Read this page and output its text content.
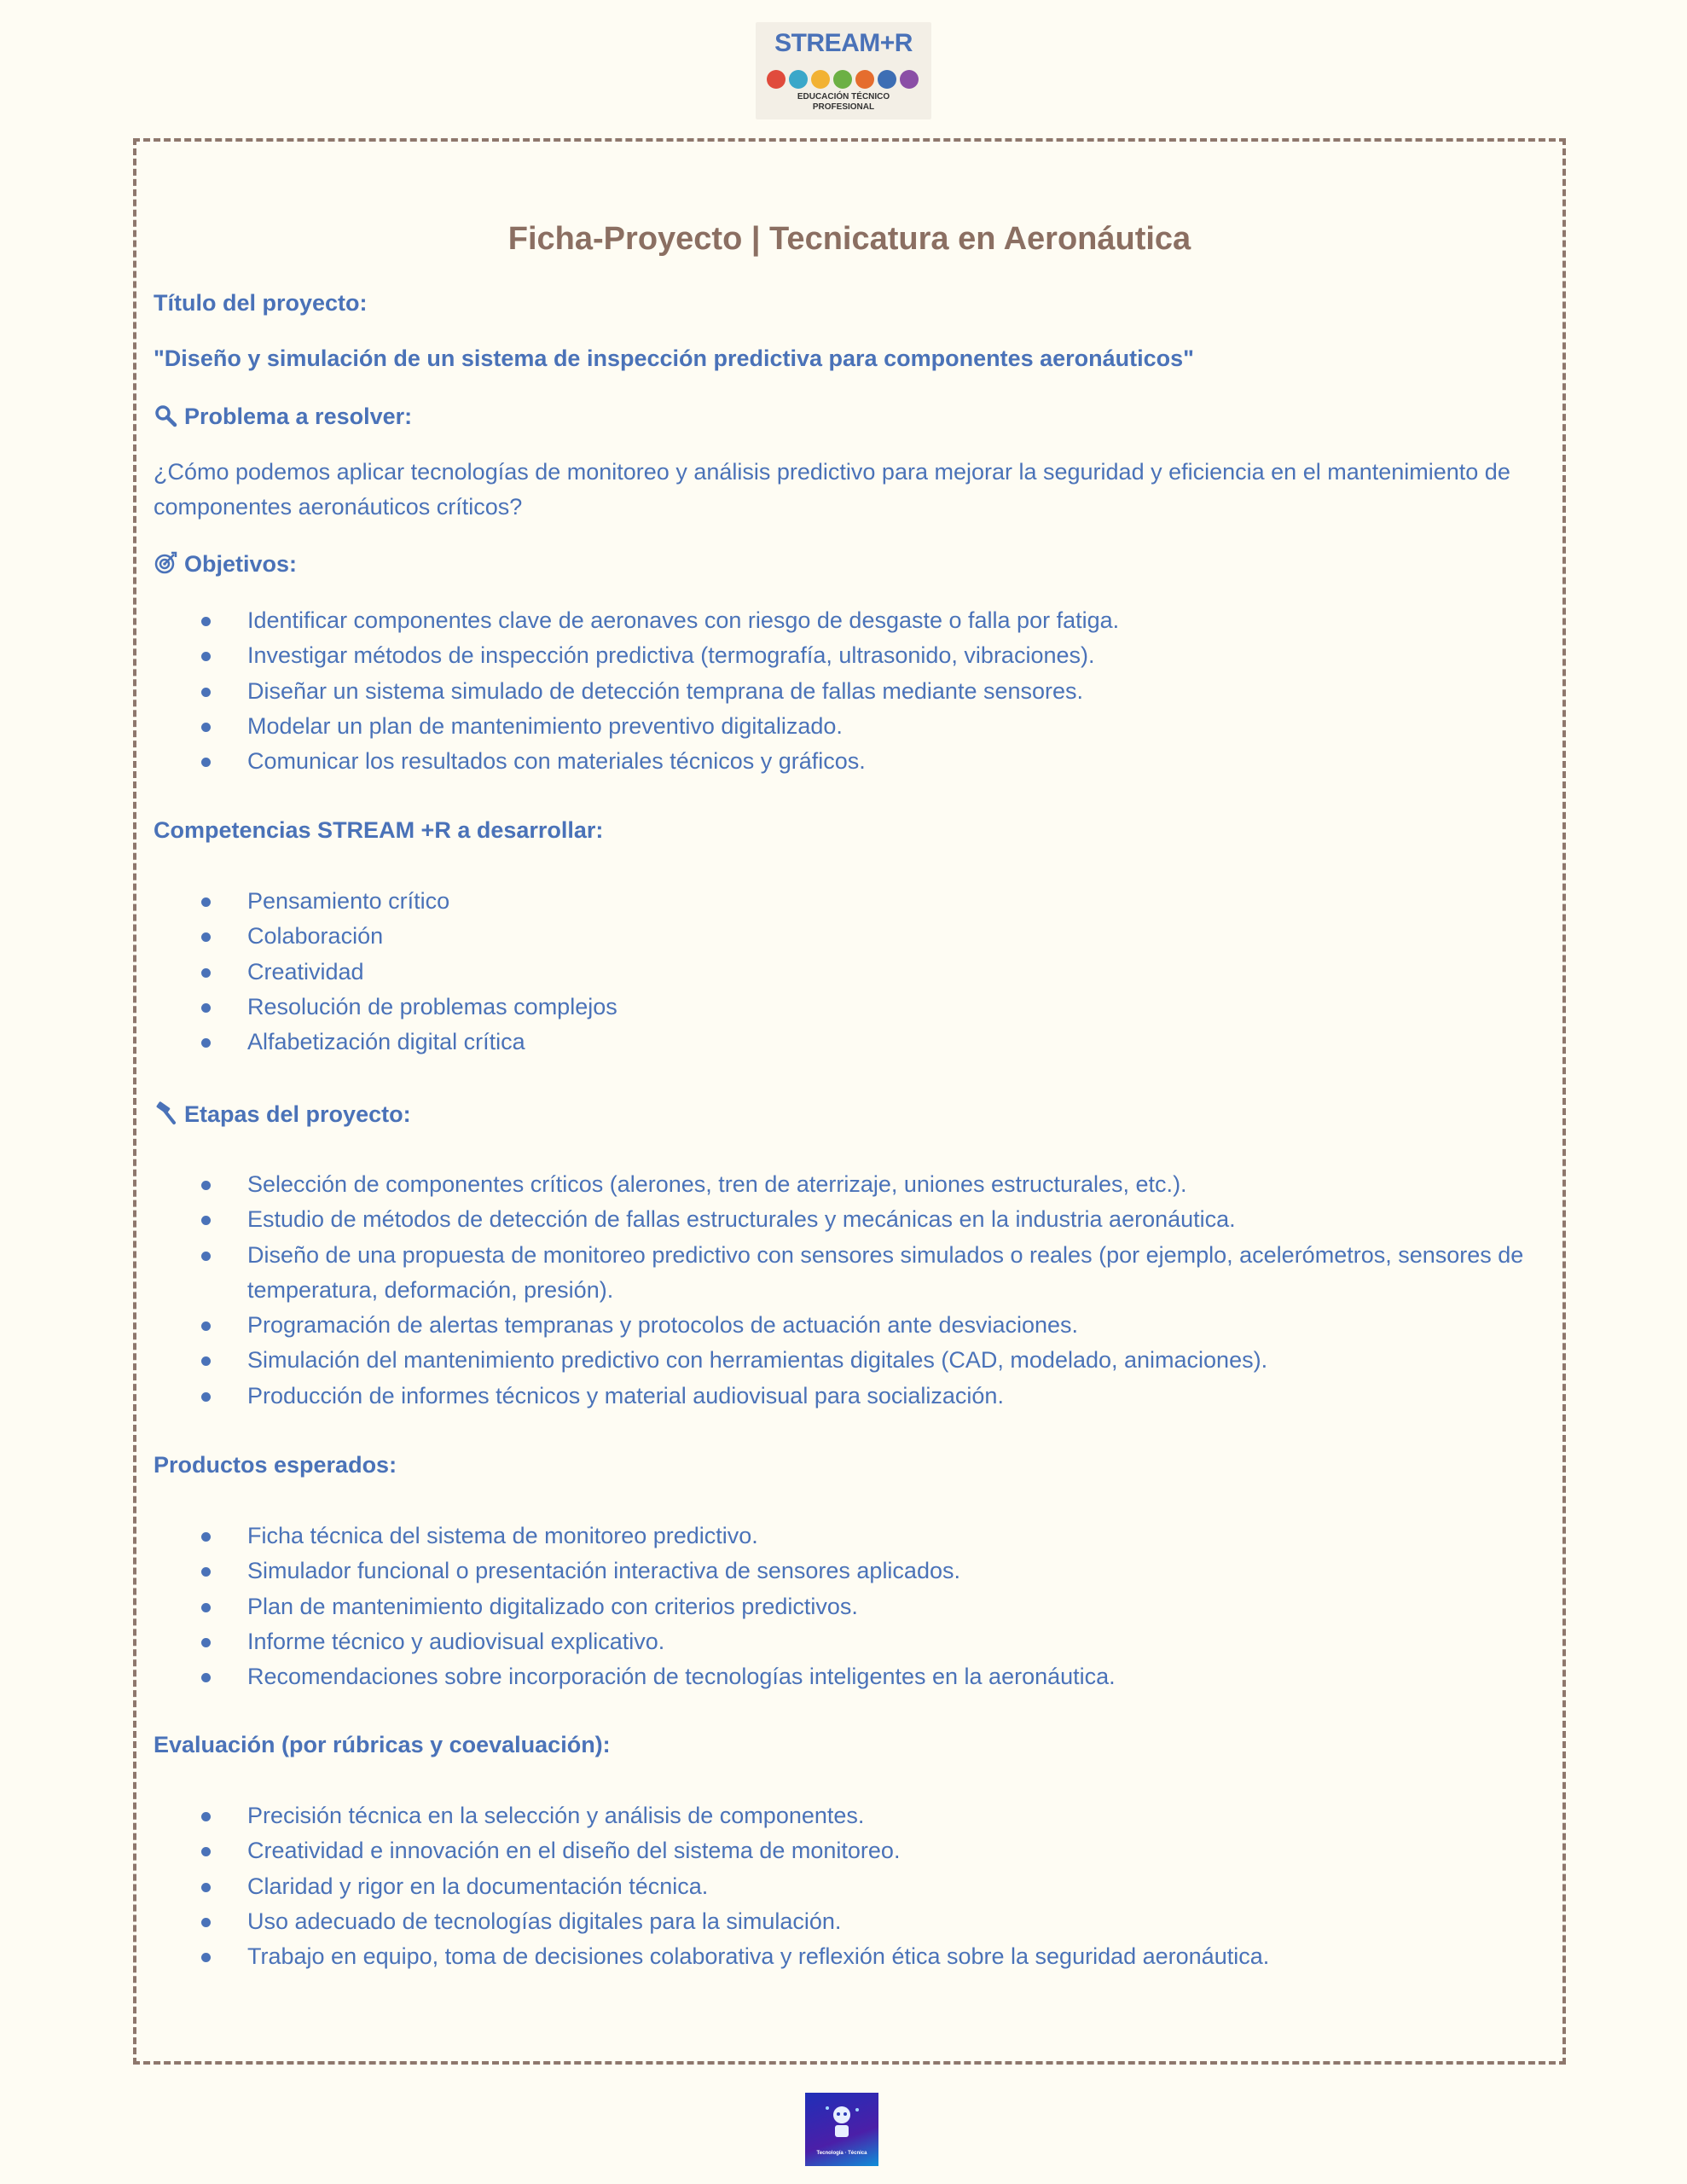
STREAM+R
EDUCACIÓN TÉCNICO
PROFESIONAL
Ficha-Proyecto | Tecnicatura en Aeronáutica
Título del proyecto:
"Diseño y simulación de un sistema de inspección predictiva para componentes aeronáuticos"
Problema a resolver:
¿Cómo podemos aplicar tecnologías de monitoreo y análisis predictivo para mejorar la seguridad y eficiencia en el mantenimiento de componentes aeronáuticos críticos?
Objetivos:
Identificar componentes clave de aeronaves con riesgo de desgaste o falla por fatiga.
Investigar métodos de inspección predictiva (termografía, ultrasonido, vibraciones).
Diseñar un sistema simulado de detección temprana de fallas mediante sensores.
Modelar un plan de mantenimiento preventivo digitalizado.
Comunicar los resultados con materiales técnicos y gráficos.
Competencias STREAM +R a desarrollar:
Pensamiento crítico
Colaboración
Creatividad
Resolución de problemas complejos
Alfabetización digital crítica
Etapas del proyecto:
Selección de componentes críticos (alerones, tren de aterrizaje, uniones estructurales, etc.).
Estudio de métodos de detección de fallas estructurales y mecánicas en la industria aeronáutica.
Diseño de una propuesta de monitoreo predictivo con sensores simulados o reales (por ejemplo, acelerómetros, sensores de temperatura, deformación, presión).
Programación de alertas tempranas y protocolos de actuación ante desviaciones.
Simulación del mantenimiento predictivo con herramientas digitales (CAD, modelado, animaciones).
Producción de informes técnicos y material audiovisual para socialización.
Productos esperados:
Ficha técnica del sistema de monitoreo predictivo.
Simulador funcional o presentación interactiva de sensores aplicados.
Plan de mantenimiento digitalizado con criterios predictivos.
Informe técnico y audiovisual explicativo.
Recomendaciones sobre incorporación de tecnologías inteligentes en la aeronáutica.
Evaluación (por rúbricas y coevaluación):
Precisión técnica en la selección y análisis de componentes.
Creatividad e innovación en el diseño del sistema de monitoreo.
Claridad y rigor en la documentación técnica.
Uso adecuado de tecnologías digitales para la simulación.
Trabajo en equipo, toma de decisiones colaborativa y reflexión ética sobre la seguridad aeronáutica.
Tecnología · Técnica
